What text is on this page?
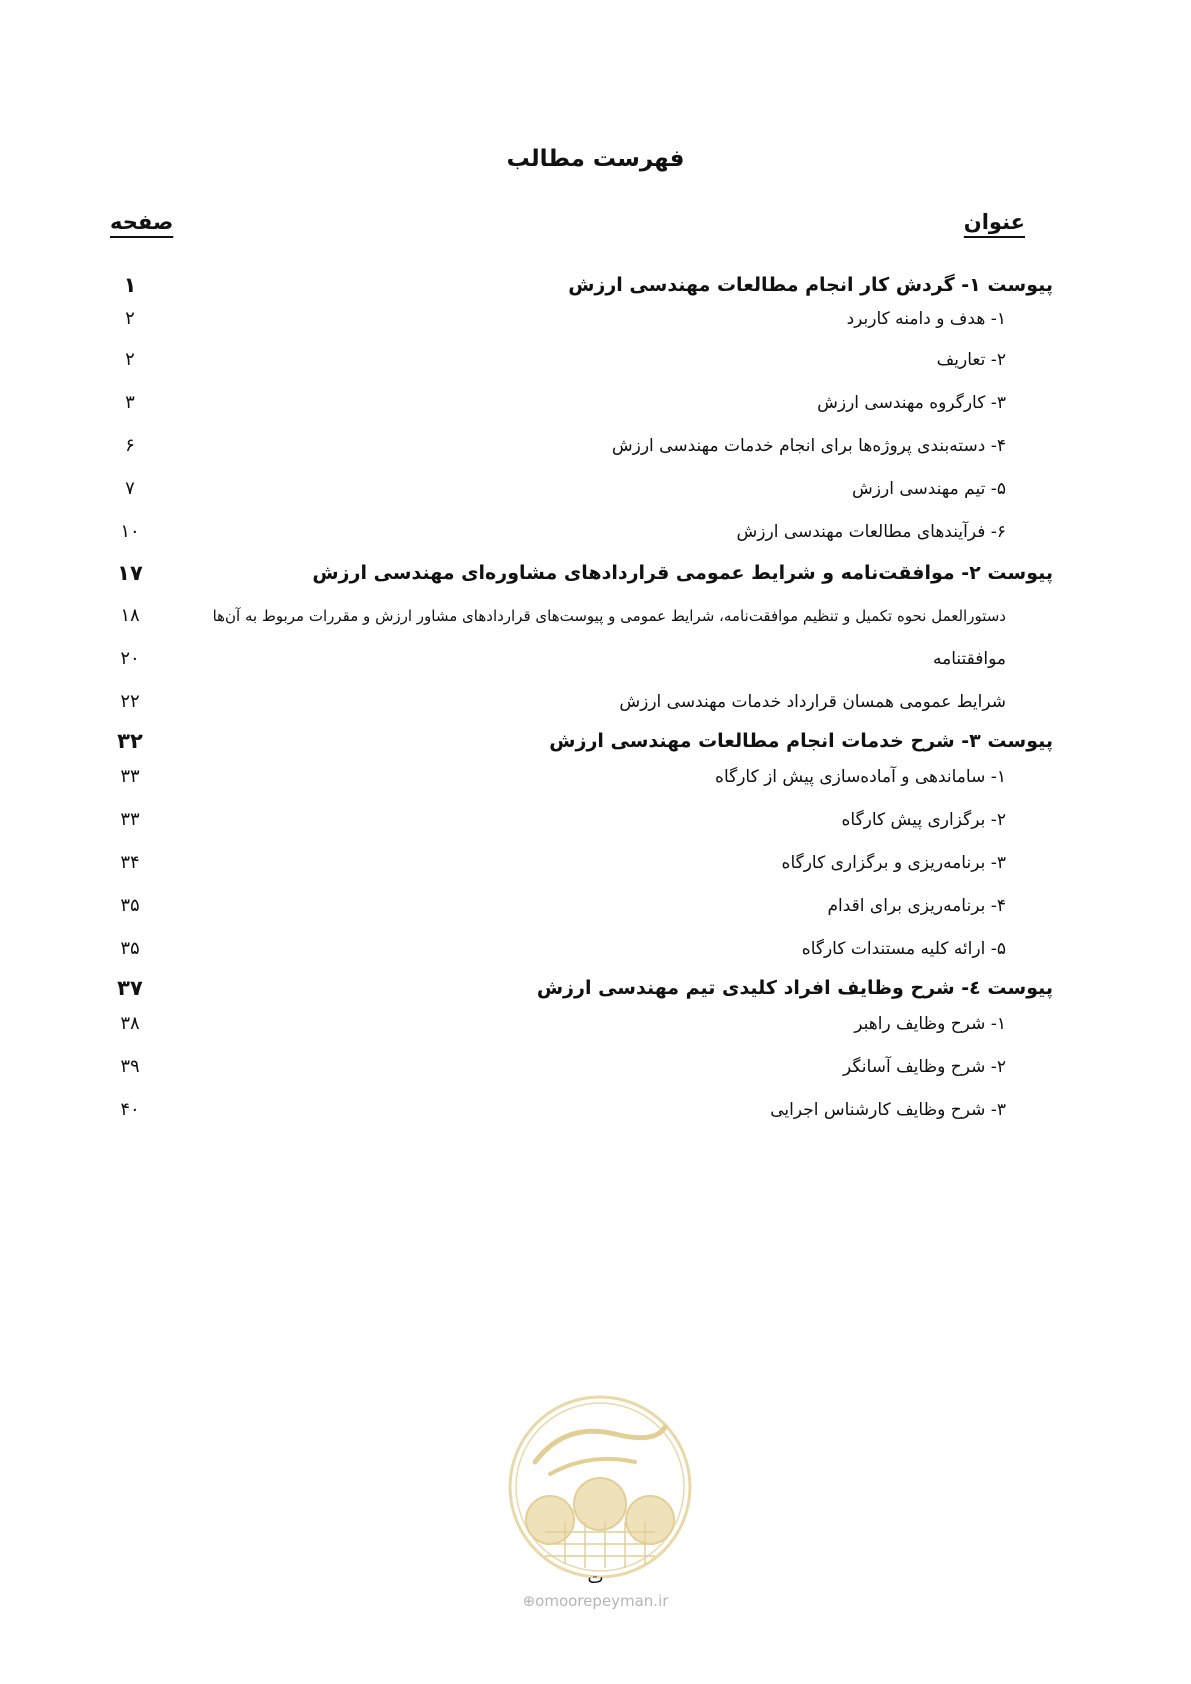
فهرست مطالب
عنوان
صفحه
پیوست ۱- گردش کار انجام مطالعات مهندسی ارزش
۱
۱- هدف و دامنه کاربرد
۲
۲- تعاریف
۲
۳- کارگروه مهندسی ارزش
۳
۴- دسته‌بندی پروژه‌ها برای انجام خدمات مهندسی ارزش
۶
۵- تیم مهندسی ارزش
۷
۶- فرآیندهای مطالعات مهندسی ارزش
۱۰
پیوست ۲- موافقت‌نامه و شرایط عمومی قراردادهای مشاوره‌ای مهندسی ارزش
۱۷
دستورالعمل نحوه تکمیل و تنظیم موافقت‌نامه، شرایط عمومی و پیوست‌های قراردادهای مشاور ارزش و مقررات مربوط به آن‌ها
۱۸
موافقتنامه
۲۰
شرایط عمومی همسان قرارداد خدمات مهندسی ارزش
۲۲
پیوست ۳- شرح خدمات انجام مطالعات مهندسی ارزش
۳۲
۱- ساماندهی و آماده‌سازی پیش از کارگاه
۳۳
۲- برگزاری پیش کارگاه
۳۳
۳- برنامه‌ریزی و برگزاری کارگاه
۳۴
۴- برنامه‌ریزی برای اقدام
۳۵
۵- ارائه کلیه مستندات کارگاه
۳۵
پیوست ٤- شرح وظایف افراد کلیدی تیم مهندسی ارزش
۳۷
۱- شرح وظایف راهبر
۳۸
۲- شرح وظایف آسانگر
۳۹
۳- شرح وظایف کارشناس اجرایی
۴۰
ت
⊕omoorepeyman.ir
